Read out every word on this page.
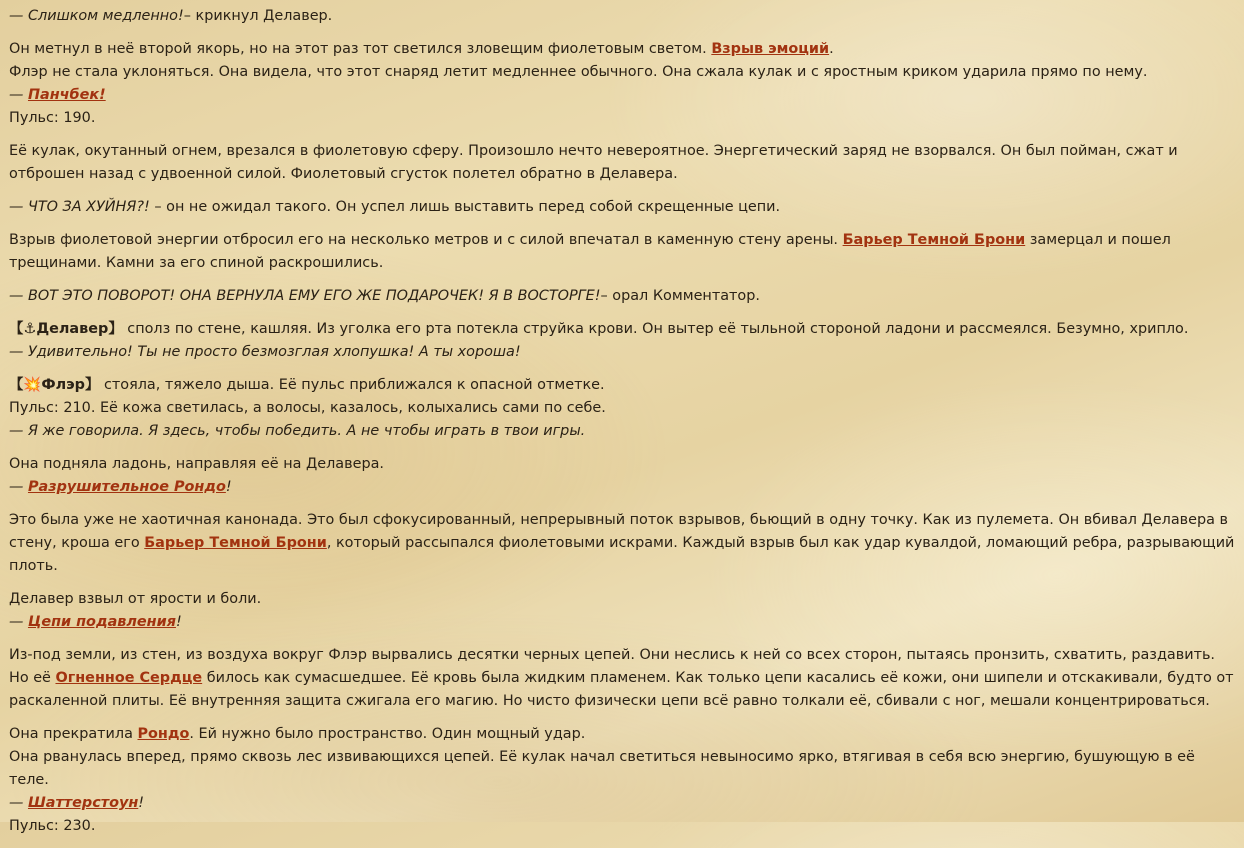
— Слишком медленно!– крикнул Делавер.

Он метнул в неё второй якорь, но на этот раз тот светился зловещим фиолетовым светом. Взрыв эмоций.
Флэр не стала уклоняться. Она видела, что этот снаряд летит медленнее обычного. Она сжала кулак и с яростным криком ударила прямо по нему.
— Панчбек!
Пульс: 190.

Её кулак, окутанный огнем, врезался в фиолетовую сферу. Произошло нечто невероятное. Энергетический заряд не взорвался. Он был пойман, сжат и отброшен назад с удвоенной силой. Фиолетовый сгусток полетел обратно в Делавера.

— ЧТО ЗА ХУЙНЯ?! – он не ожидал такого. Он успел лишь выставить перед собой скрещенные цепи.

Взрыв фиолетовой энергии отбросил его на несколько метров и с силой впечатал в каменную стену арены. Барьер Темной Брони замерцал и пошел трещинами. Камни за его спиной раскрошились.

— ВОТ ЭТО ПОВОРОТ! ОНА ВЕРНУЛА ЕМУ ЕГО ЖЕ ПОДАРОЧЕК! Я В ВОСТОРГЕ!– орал Комментатор.

【⚓Делавер】 сполз по стене, кашляя. Из уголка его рта потекла струйка крови. Он вытер её тыльной стороной ладони и рассмеялся. Безумно, хрипло.
— Удивительно! Ты не просто безмозглая хлопушка! А ты хороша!

【💥Флэр】 стояла, тяжело дыша. Её пульс приближался к опасной отметке.
Пульс: 210. Её кожа светилась, а волосы, казалось, колыхались сами по себе.
— Я же говорила. Я здесь, чтобы победить. А не чтобы играть в твои игры.

Она подняла ладонь, направляя её на Делавера.
— Разрушительное Рондо!

Это была уже не хаотичная канонада. Это был сфокусированный, непрерывный поток взрывов, бьющий в одну точку. Как из пулемета. Он вбивал Делавера в стену, кроша его Барьер Темной Брони, который рассыпался фиолетовыми искрами. Каждый взрыв был как удар кувалдой, ломающий ребра, разрывающий плоть.

Делавер взвыл от ярости и боли.
— Цепи подавления!

Из-под земли, из стен, из воздуха вокруг Флэр вырвались десятки черных цепей. Они неслись к ней со всех сторон, пытаясь пронзить, схватить, раздавить.
Но её Огненное Сердце билось как сумасшедшее. Её кровь была жидким пламенем. Как только цепи касались её кожи, они шипели и отскакивали, будто от раскаленной плиты. Её внутренняя защита сжигала его магию. Но чисто физически цепи всё равно толкали её, сбивали с ног, мешали концентрироваться.

Она прекратила Рондо. Ей нужно было пространство. Один мощный удар.
Она рванулась вперед, прямо сквозь лес извивающихся цепей. Её кулак начал светиться невыносимо ярко, втягивая в себя всю энергию, бушующую в её теле.
— Шаттерстоун!
Пульс: 230.
